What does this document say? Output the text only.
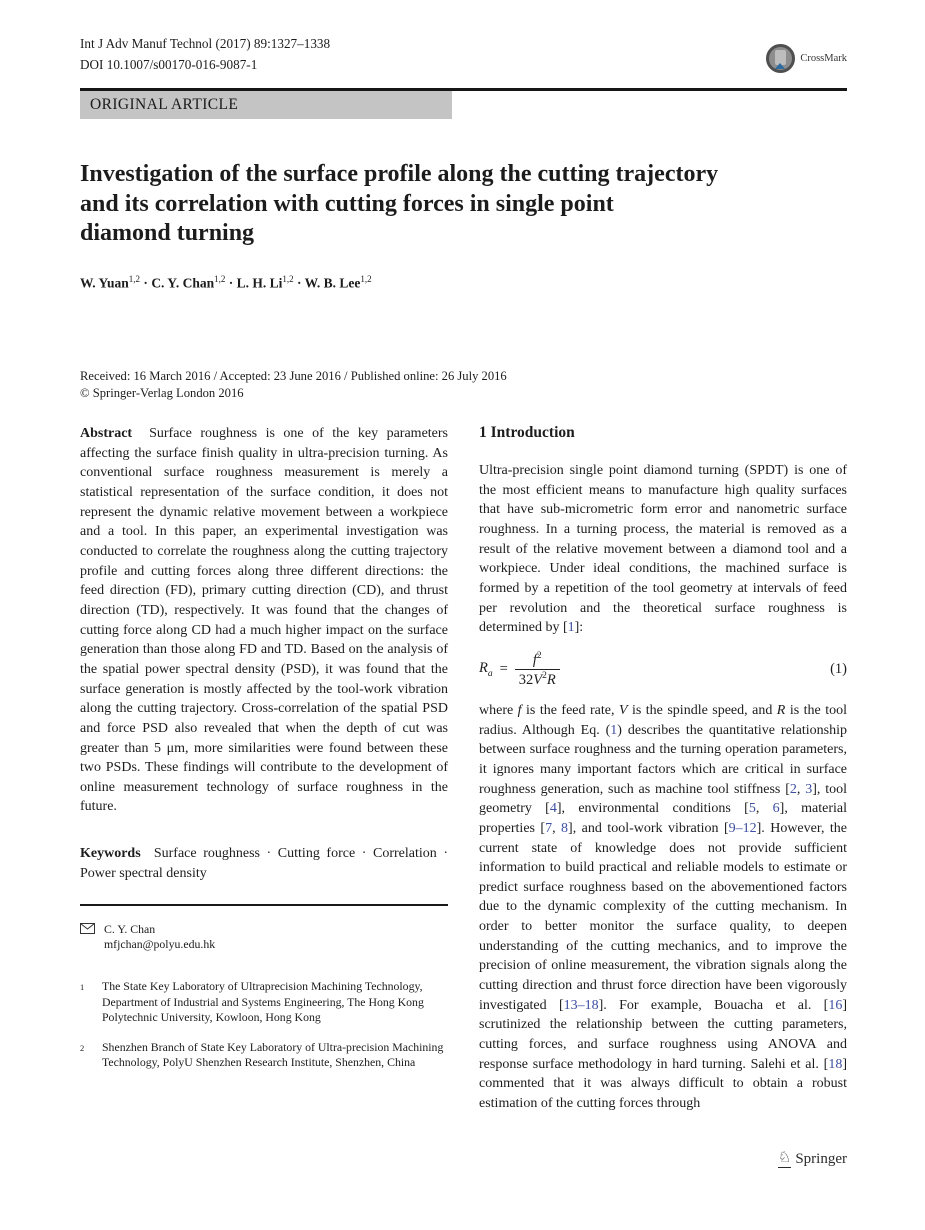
Int J Adv Manuf Technol (2017) 89:1327–1338
DOI 10.1007/s00170-016-9087-1	CrossMark
ORIGINAL ARTICLE
Investigation of the surface profile along the cutting trajectory
and its correlation with cutting forces in single point
diamond turning
W. Yuan$^{1,2}$ · C. Y. Chan$^{1,2}$ · L. H. Li$^{1,2}$ · W. B. Lee$^{1,2}$
Received: 16 March 2016 / Accepted: 23 June 2016 / Published online: 26 July 2016
© Springer-Verlag London 2016

Abstract Surface roughness is one of the key parameters affecting the surface finish quality in ultra-precision turning. As conventional surface roughness measurement is merely a statistical representation of the surface condition, it does not represent the dynamic relative movement between a workpiece and a tool. In this paper, an experimental investigation was conducted to correlate the roughness along the cutting trajectory profile and cutting forces along three different directions: the feed direction (FD), primary cutting direction (CD), and thrust direction (TD), respectively. It was found that the changes of cutting force along CD had a much higher impact on the surface generation than those along FD and TD. Based on the analysis of the spatial power spectral density (PSD), it was found that the surface generation is mostly affected by the tool-work vibration along the cutting trajectory. Cross-correlation of the spatial PSD and force PSD also revealed that when the depth of cut was greater than 5 μm, more similarities were found between these two PSDs. These findings will contribute to the development of online measurement technology of surface roughness in the future.

Keywords Surface roughness · Cutting force · Correlation · Power spectral density

C. Y. Chan
mfjchan@polyu.edu.hk
1	The State Key Laboratory of Ultraprecision Machining Technology, Department of Industrial and Systems Engineering, The Hong Kong Polytechnic University, Kowloon, Hong Kong
2	Shenzhen Branch of State Key Laboratory of Ultra-precision Machining Technology, PolyU Shenzhen Research Institute, Shenzhen, China
1 Introduction

Ultra-precision single point diamond turning (SPDT) is one of the most efficient means to manufacture high quality surfaces that have sub-micrometric form error and nanometric surface roughness. In a turning process, the material is removed as a result of the relative movement between a diamond tool and a workpiece. Under ideal conditions, the machined surface is formed by a repetition of the tool geometry at intervals of feed per revolution and the theoretical surface roughness is determined by [1]:

$R_a = \frac{f^2}{32V^2R}$	(1)

where f is the feed rate, V is the spindle speed, and R is the tool radius. Although Eq. (1) describes the quantitative relationship between surface roughness and the turning operation parameters, it ignores many important factors which are critical in surface roughness generation, such as machine tool stiffness [2, 3], tool geometry [4], environmental conditions [5, 6], material properties [7, 8], and tool-work vibration [9–12]. However, the current state of knowledge does not provide sufficient information to build practical and reliable models to estimate or predict surface roughness based on the abovementioned factors due to the dynamic complexity of the cutting mechanism. In order to better monitor the surface quality, to deepen understanding of the cutting mechanics, and to improve the precision of online measurement, the vibration signals along the cutting direction and thrust force direction have been vigorously investigated [13–18]. For example, Bouacha et al. [16] scrutinized the relationship between the cutting parameters, cutting forces, and surface roughness using ANOVA and response surface methodology in hard turning. Salehi et al. [18] commented that it was always difficult to obtain a robust estimation of the cutting forces through

♘ Springer
